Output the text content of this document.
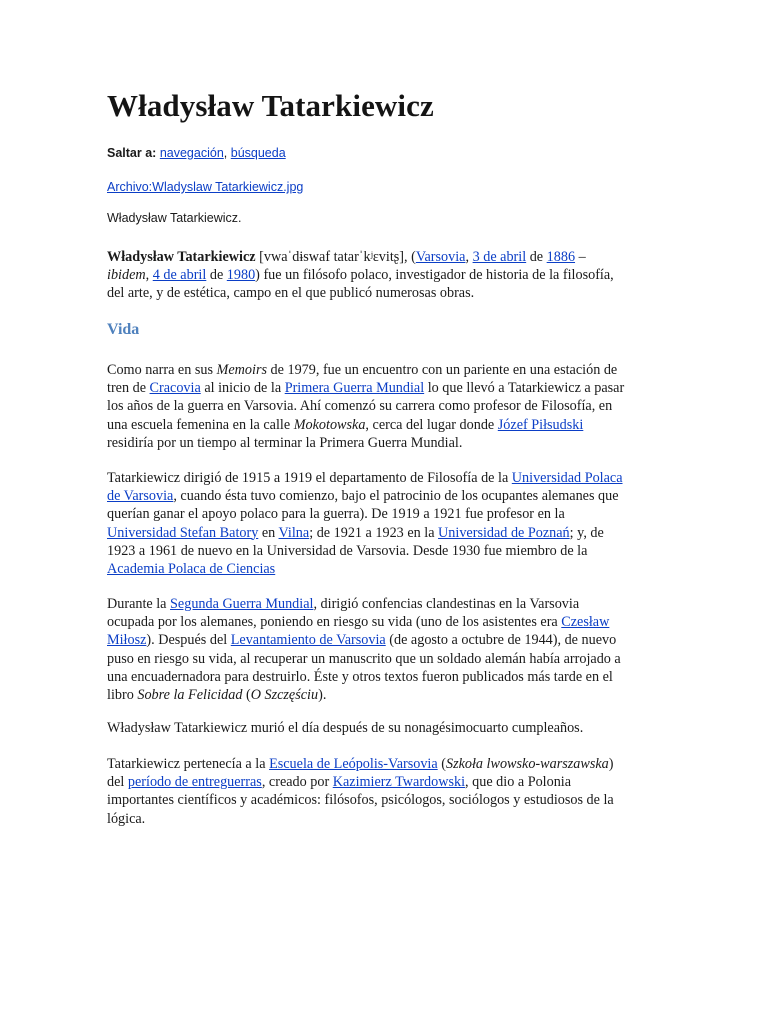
Władysław Tatarkiewicz

Saltar a: navegación, búsqueda

Archivo:Wladyslaw Tatarkiewicz.jpg

Władysław Tatarkiewicz.

Władysław Tatarkiewicz [vwaˈdɨswaf tatarˈkʲɛvitʂ], (Varsovia, 3 de abril de 1886 –
ibidem, 4 de abril de 1980) fue un filósofo polaco, investigador de historia de la filosofía,
del arte, y de estética, campo en el que publicó numerosas obras.
Vida
Como narra en sus Memoirs de 1979, fue un encuentro con un pariente en una estación de
tren de Cracovia al inicio de la Primera Guerra Mundial lo que llevó a Tatarkiewicz a pasar
los años de la guerra en Varsovia. Ahí comenzó su carrera como profesor de Filosofía, en
una escuela femenina en la calle Mokotowska, cerca del lugar donde Józef Piłsudski
residiría por un tiempo al terminar la Primera Guerra Mundial.
Tatarkiewicz dirigió de 1915 a 1919 el departamento de Filosofía de la Universidad Polaca
de Varsovia, cuando ésta tuvo comienzo, bajo el patrocinio de los ocupantes alemanes que
querían ganar el apoyo polaco para la guerra). De 1919 a 1921 fue profesor en la
Universidad Stefan Batory en Vilna; de 1921 a 1923 en la Universidad de Poznań; y, de
1923 a 1961 de nuevo en la Universidad de Varsovia. Desde 1930 fue miembro de la
Academia Polaca de Ciencias
Durante la Segunda Guerra Mundial, dirigió confencias clandestinas en la Varsovia
ocupada por los alemanes, poniendo en riesgo su vida (uno de los asistentes era Czesław
Miłosz). Después del Levantamiento de Varsovia (de agosto a octubre de 1944), de nuevo
puso en riesgo su vida, al recuperar un manuscrito que un soldado alemán había arrojado a
una encuadernadora para destruirlo. Éste y otros textos fueron publicados más tarde en el
libro Sobre la Felicidad (O Szczęściu).
Władysław Tatarkiewicz murió el día después de su nonagésimocuarto cumpleaños.
Tatarkiewicz pertenecía a la Escuela de Leópolis-Varsovia (Szkoła lwowsko-warszawska)
del período de entreguerras, creado por Kazimierz Twardowski, que dio a Polonia
importantes científicos y académicos: filósofos, psicólogos, sociólogos y estudiosos de la
lógica.
